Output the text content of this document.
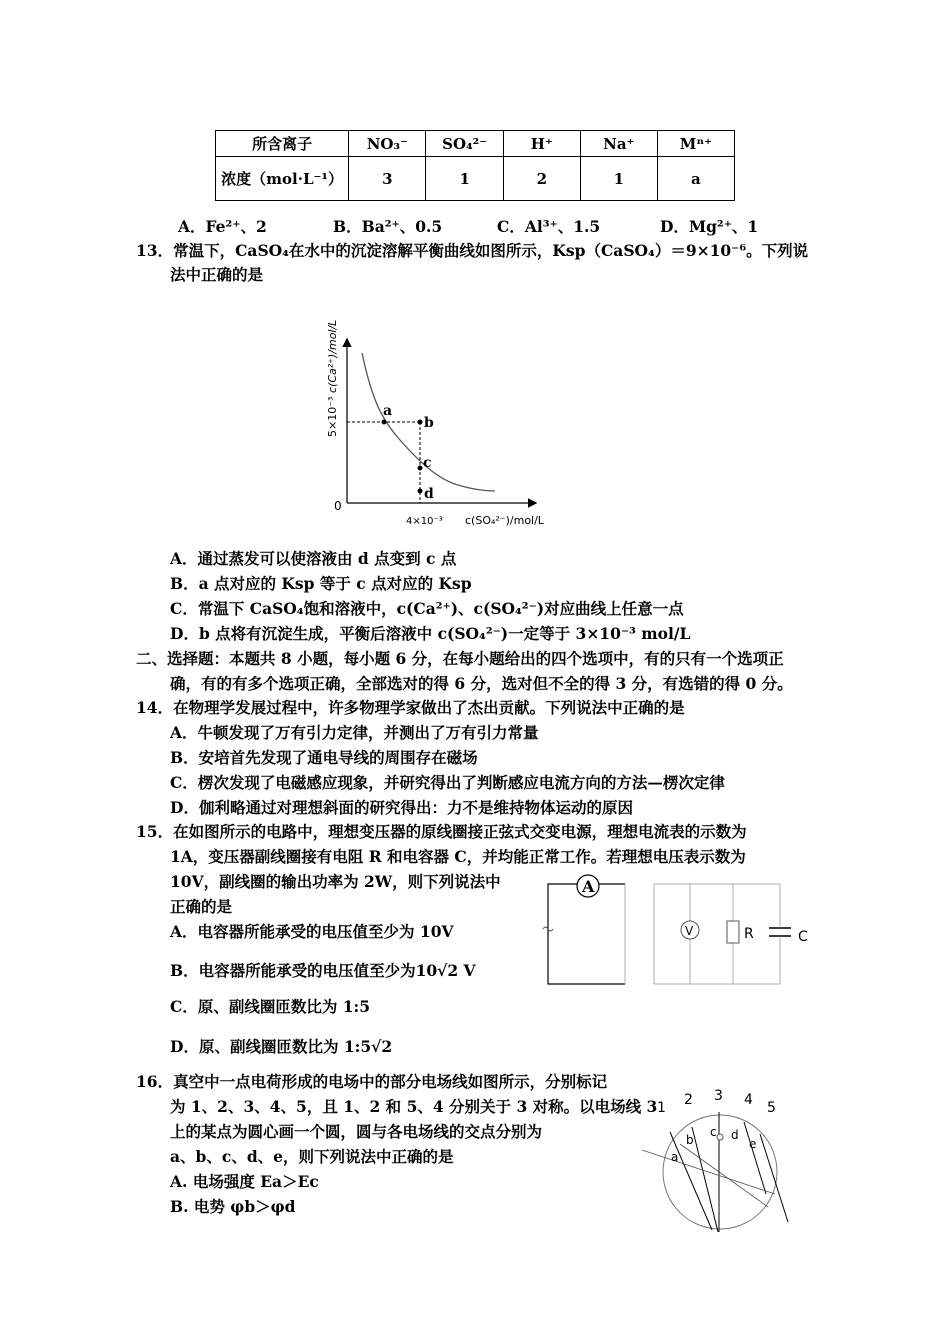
所含离子	NO₃⁻	SO₄²⁻	H⁺	Na⁺	Mⁿ⁺
浓度（mol·L⁻¹）	3	1	2	1	a
A．Fe²⁺、2	B．Ba²⁺、0.5	C．Al³⁺、1.5	D．Mg²⁺、1
13．常温下，CaSO₄在水中的沉淀溶解平衡曲线如图所示，Ksp（CaSO₄）＝9×10⁻⁶。下列说
法中正确的是
a
b
c
d
0
4×10⁻³ c(SO₄²⁻)/mol/L
5×10⁻³
c(Ca²⁺)/mol/L
A．通过蒸发可以使溶液由 d 点变到 c 点
B．a 点对应的 Ksp 等于 c 点对应的 Ksp
C．常温下 CaSO₄饱和溶液中，c(Ca²⁺)、c(SO₄²⁻)对应曲线上任意一点
D．b 点将有沉淀生成，平衡后溶液中 c(SO₄²⁻)一定等于 3×10⁻³ mol/L
二、选择题：本题共 8 小题，每小题 6 分，在每小题给出的四个选项中，有的只有一个选项正
确，有的有多个选项正确，全部选对的得 6 分，选对但不全的得 3 分，有选错的得 0 分。
14．在物理学发展过程中，许多物理学家做出了杰出贡献。下列说法中正确的是
A．牛顿发现了万有引力定律，并测出了万有引力常量
B．安培首先发现了通电导线的周围存在磁场
C．楞次发现了电磁感应现象，并研究得出了判断感应电流方向的方法—楞次定律
D．伽利略通过对理想斜面的研究得出：力不是维持物体运动的原因
15．在如图所示的电路中，理想变压器的原线圈接正弦式交变电源，理想电流表的示数为
1A，变压器副线圈接有电阻 R 和电容器 C，并均能正常工作。若理想电压表示数为
10V，副线圈的输出功率为 2W，则下列说法中
正确的是
A．电容器所能承受的电压值至少为 10V
B．电容器所能承受的电压值至少为10√2 V
C．原、副线圈匝数比为 1:5
D．原、副线圈匝数比为 1:5√2
A
V	R	C
16．真空中一点电荷形成的电场中的部分电场线如图所示，分别标记
为 1、2、3、4、5，且 1、2 和 5、4 分别关于 3 对称。以电场线 3
上的某点为圆心画一个圆，圆与各电场线的交点分别为
a、b、c、d、e，则下列说法中正确的是
A. 电场强度 Ea＞Ec
B. 电势 φb＞φd
1 2 3 4 5
a
b
c d
e
